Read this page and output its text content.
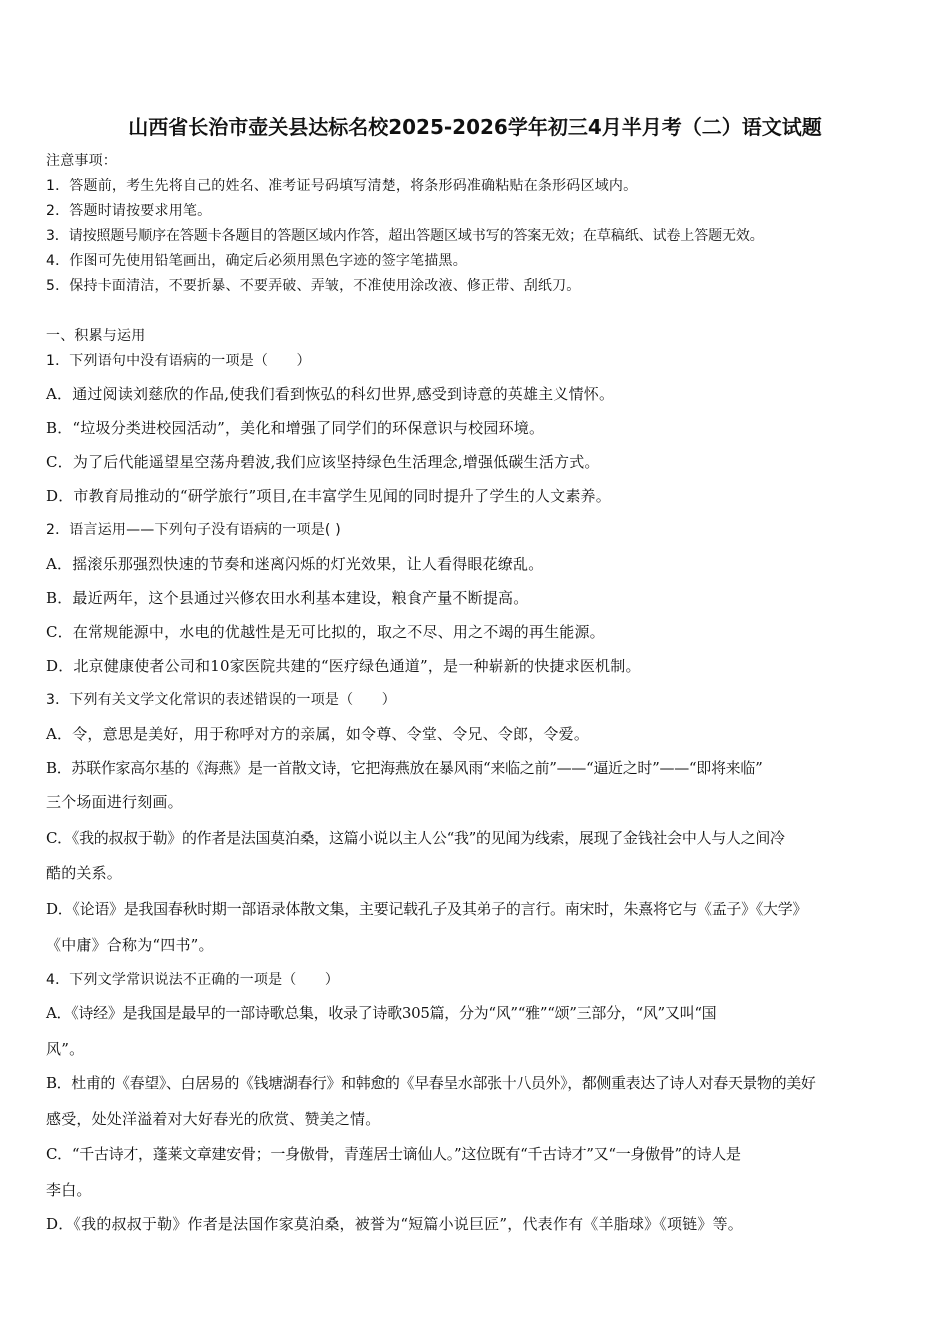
山西省长治市壶关县达标名校2025-2026学年初三4月半月考（二）语文试题
注意事项：
1．答题前，考生先将自己的姓名、准考证号码填写清楚，将条形码准确粘贴在条形码区域内。
2．答题时请按要求用笔。
3．请按照题号顺序在答题卡各题目的答题区域内作答，超出答题区域书写的答案无效；在草稿纸、试卷上答题无效。
4．作图可先使用铅笔画出，确定后必须用黑色字迹的签字笔描黑。
5．保持卡面清洁，不要折暴、不要弄破、弄皱，不准使用涂改液、修正带、刮纸刀。
一、积累与运用
1．下列语句中没有语病的一项是（　　）
A．通过阅读刘慈欣的作品,使我们看到恢弘的科幻世界,感受到诗意的英雄主义情怀。
B．“垃圾分类进校园活动”，美化和增强了同学们的环保意识与校园环境。
C．为了后代能遥望星空荡舟碧波,我们应该坚持绿色生活理念,增强低碳生活方式。
D．市教育局推动的“研学旅行”项目,在丰富学生见闻的同时提升了学生的人文素养。
2．语言运用——下列句子没有语病的一项是( )
A．摇滚乐那强烈快速的节奏和迷离闪烁的灯光效果，让人看得眼花缭乱。
B．最近两年，这个县通过兴修农田水利基本建设，粮食产量不断提高。
C．在常规能源中，水电的优越性是无可比拟的，取之不尽、用之不竭的再生能源。
D．北京健康使者公司和10家医院共建的“医疗绿色通道”，是一种崭新的快捷求医机制。
3．下列有关文学文化常识的表述错误的一项是（　　）
A．令，意思是美好，用于称呼对方的亲属，如令尊、令堂、令兄、令郎，令爱。
B．苏联作家高尔基的《海燕》是一首散文诗，它把海燕放在暴风雨“来临之前”——“逼近之时”——“即将来临”
三个场面进行刻画。
C．《我的叔叔于勒》的作者是法国莫泊桑，这篇小说以主人公“我”的见闻为线索，展现了金钱社会中人与人之间冷
酷的关系。
D．《论语》是我国春秋时期一部语录体散文集，主要记载孔子及其弟子的言行。南宋时，朱熹将它与《孟子》《大学》
《中庸》合称为“四书”。
4．下列文学常识说法不正确的一项是（　　）
A．《诗经》是我国是最早的一部诗歌总集，收录了诗歌305篇，分为“风”“雅”“颂”三部分，“风”又叫“国
风”。
B．杜甫的《春望》、白居易的《钱塘湖春行》和韩愈的《早春呈水部张十八员外》，都侧重表达了诗人对春天景物的美好
感受，处处洋溢着对大好春光的欣赏、赞美之情。
C．“千古诗才，蓬莱文章建安骨；一身傲骨，青莲居士谪仙人。”这位既有“千古诗才”又“一身傲骨”的诗人是
李白。
D．《我的叔叔于勒》作者是法国作家莫泊桑，被誉为“短篇小说巨匠”，代表作有《羊脂球》《项链》等。
